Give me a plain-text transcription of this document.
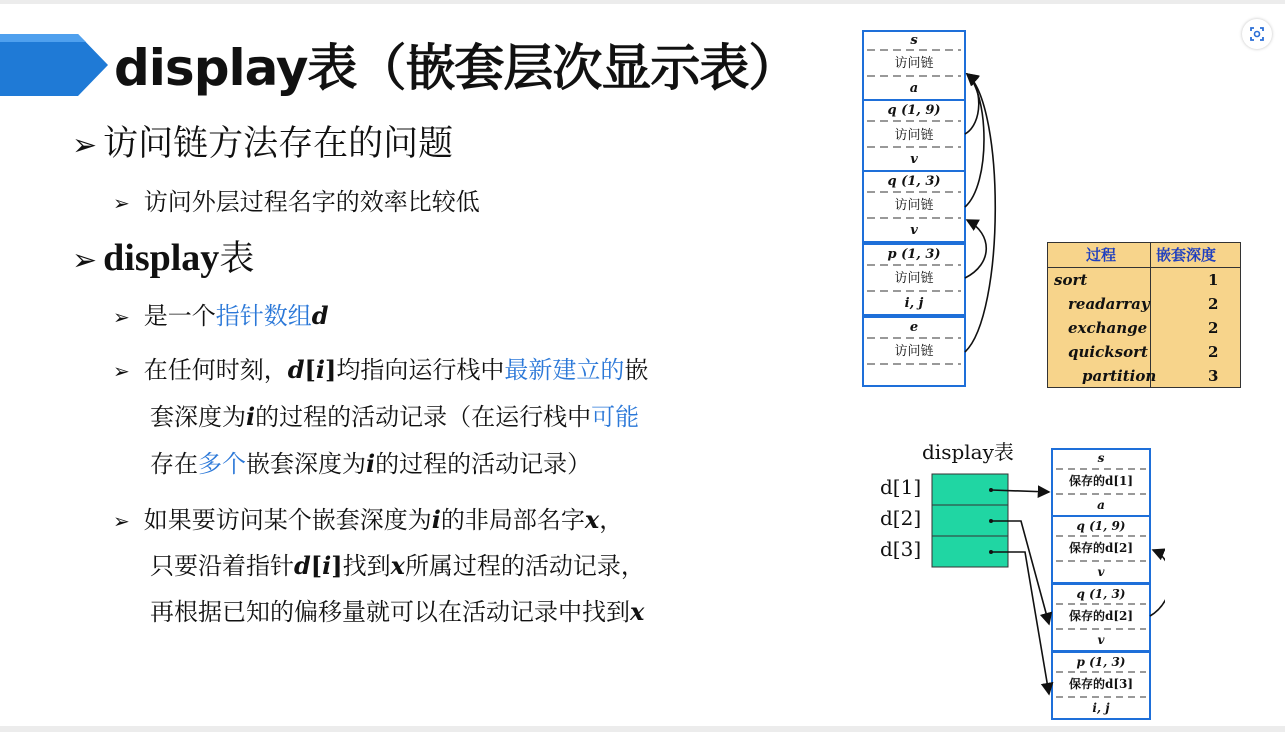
display表（嵌套层次显示表）
➢ 访问链方法存在的问题
➢ 访问外层过程名字的效率比较低
➢ display表
➢ 是一个指针数组d
➢ 在任何时刻，d[i]均指向运行栈中最新建立的嵌
套深度为i的过程的活动记录（在运行栈中可能
存在多个嵌套深度为i的过程的活动记录）
➢ 如果要访问某个嵌套深度为i的非局部名字x，
只要沿着指针d[i]找到x所属过程的活动记录，
再根据已知的偏移量就可以在活动记录中找到x
s
访问链
a
q (1, 9)
访问链
v
q (1, 3)
访问链
v
p (1, 3)
访问链
i, j
e
访问链
过程	嵌套深度
sort	1
readarray	2
exchange	2
quicksort	2
partition	3
display表
d[1]
d[2]
d[3]
s
保存的d[1]
a
q (1, 9)
保存的d[2]
v
q (1, 3)
保存的d[2]
v
p (1, 3)
保存的d[3]
i, j
